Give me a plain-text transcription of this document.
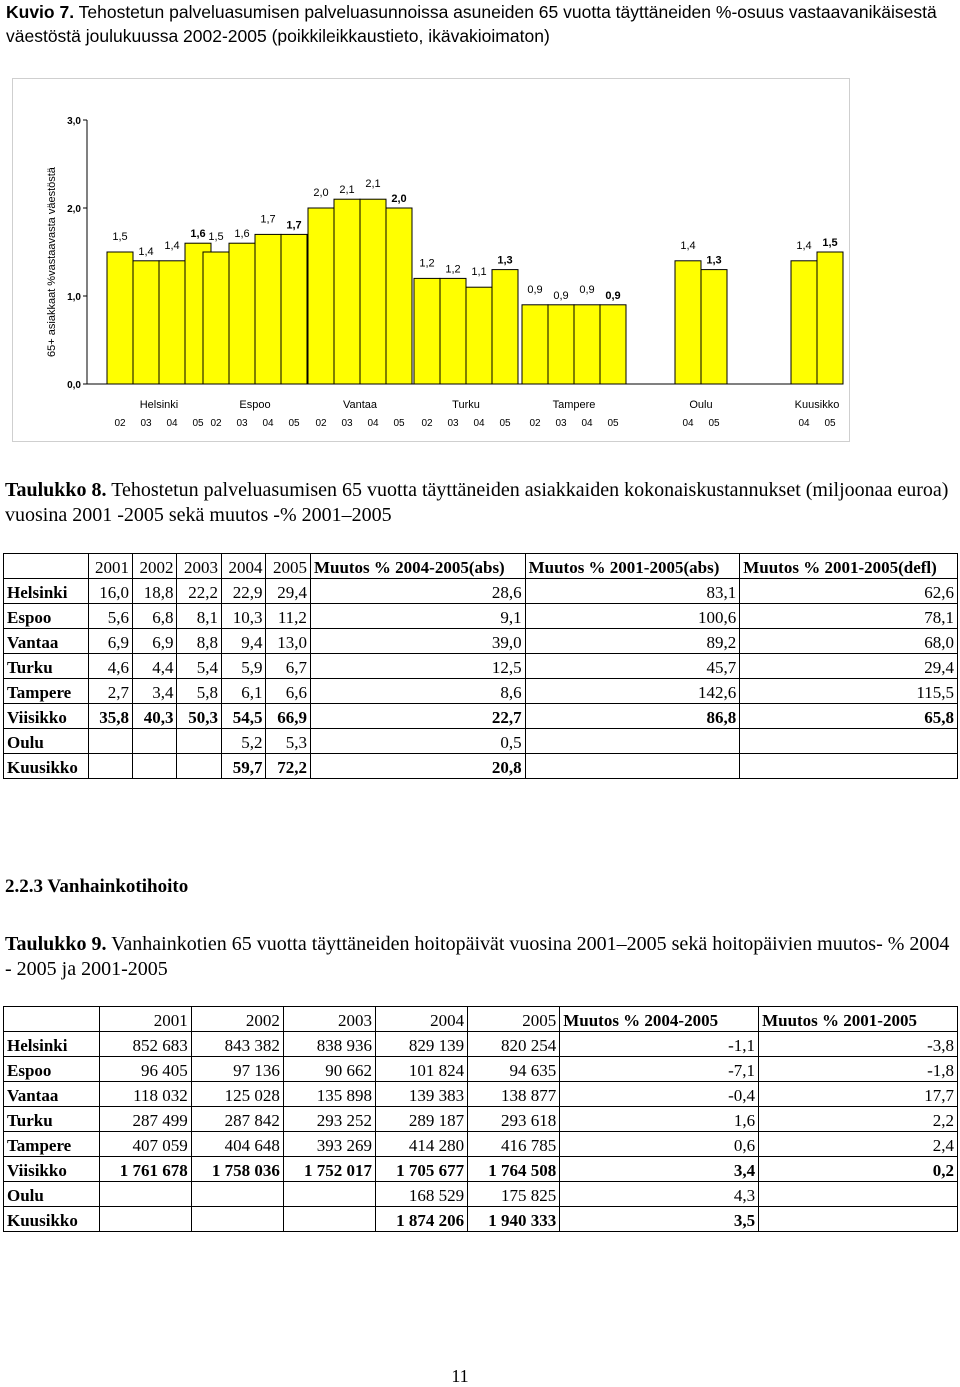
Kuvio 7. Tehostetun palveluasumisen palveluasunnoissa asuneiden 65 vuotta täyttäneiden %-osuus vastaavanikäisestä väestöstä joulukuussa 2002-2005 (poikkileikkaustieto, ikävakioimaton)
0,0
1,0
2,0
3,0
65+ asiakkaat %vastaavasta väestöstä	1,5
02
1,4
03
1,4
04
1,6
05
Helsinki
1,5
02
1,6
03
1,7
04
1,7
05
Espoo
2,0
02
2,1
03
2,1
04
2,0
05
Vantaa
1,2
02
1,2
03
1,1
04
1,3
05
Turku
0,9
02
0,9
03
0,9
04
0,9
05
Tampere
1,4
04
1,3
05
Oulu
1,4
04
1,5
05
Kuusikko
Taulukko 8. Tehostetun palveluasumisen 65 vuotta täyttäneiden asiakkaiden kokonaiskustannukset (miljoonaa euroa) vuosina 2001 -2005 sekä muutos -% 2001–2005
	2001	2002	2003	2004	2005	Muutos % 2004-2005(abs)	Muutos % 2001-2005(abs)	Muutos % 2001-2005(defl)
Helsinki	16,0	18,8	22,2	22,9	29,4	28,6	83,1	62,6
Espoo	5,6	6,8	8,1	10,3	11,2	9,1	100,6	78,1
Vantaa	6,9	6,9	8,8	9,4	13,0	39,0	89,2	68,0
Turku	4,6	4,4	5,4	5,9	6,7	12,5	45,7	29,4
Tampere	2,7	3,4	5,8	6,1	6,6	8,6	142,6	115,5
Viisikko	35,8	40,3	50,3	54,5	66,9	22,7	86,8	65,8
Oulu				5,2	5,3	0,5		
Kuusikko				59,7	72,2	20,8		
2.2.3 Vanhainkotihoito
Taulukko 9. Vanhainkotien 65 vuotta täyttäneiden hoitopäivät vuosina 2001–2005 sekä hoitopäivien muutos- % 2004 - 2005 ja 2001-2005
	2001	2002	2003	2004	2005	Muutos % 2004-2005	Muutos % 2001-2005
Helsinki	852 683	843 382	838 936	829 139	820 254	-1,1	-3,8
Espoo	96 405	97 136	90 662	101 824	94 635	-7,1	-1,8
Vantaa	118 032	125 028	135 898	139 383	138 877	-0,4	17,7
Turku	287 499	287 842	293 252	289 187	293 618	1,6	2,2
Tampere	407 059	404 648	393 269	414 280	416 785	0,6	2,4
Viisikko	1 761 678	1 758 036	1 752 017	1 705 677	1 764 508	3,4	0,2
Oulu				168 529	175 825	4,3	
Kuusikko				1 874 206	1 940 333	3,5	
11
